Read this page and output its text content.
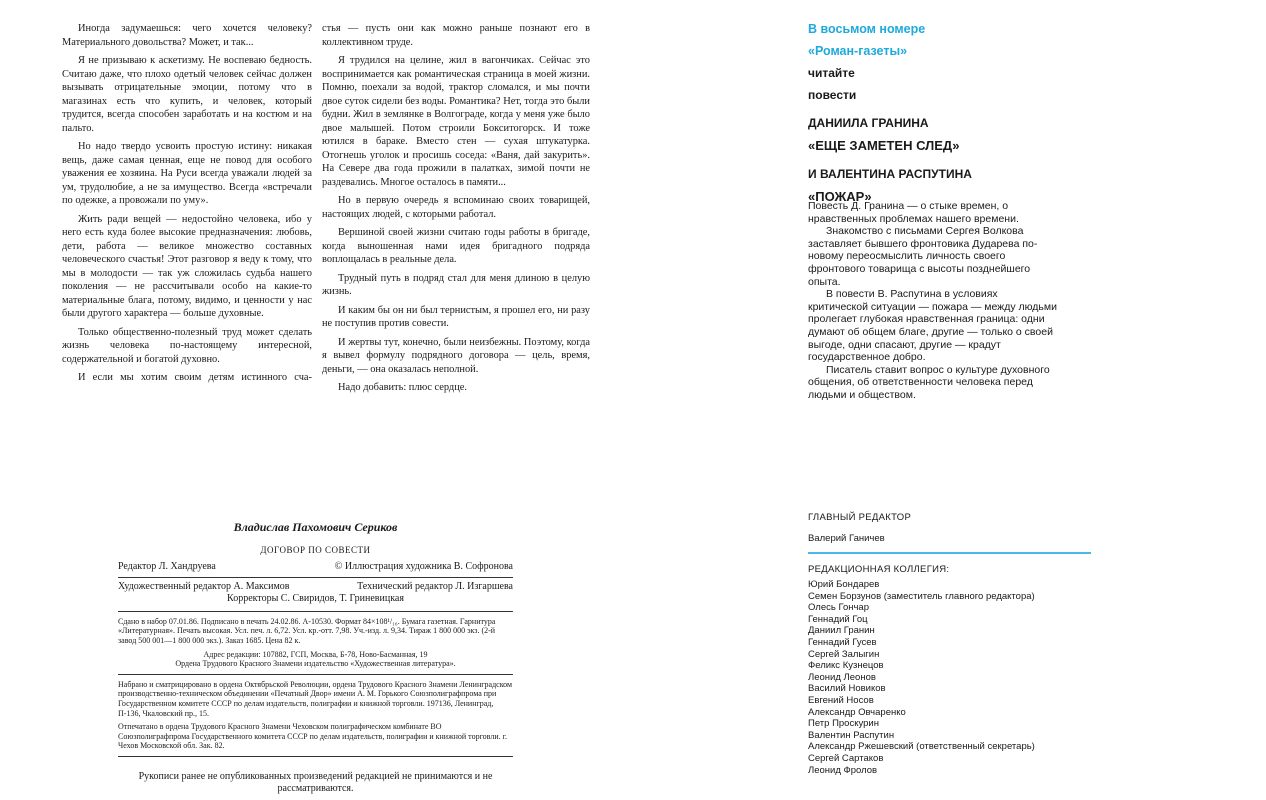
Иногда задумаешься: чего хочется человеку? Материального довольства? Может, и так...

Я не призываю к аскетизму. Не воспеваю бедность. Считаю даже, что плохо одетый человек сейчас должен вызывать отрицательные эмоции, потому что в магазинах есть что купить, и человек, который трудится, всегда способен заработать и на костюм и на пальто.

Но надо твердо усвоить простую истину: никакая вещь, даже самая ценная, еще не повод для особого уважения ее хозяина. На Руси всегда уважали людей за ум, трудолюбие, а не за имущество. Всегда «встречали по одежке, а провожали по уму».

Жить ради вещей — недостойно человека, ибо у него есть куда более высокие предназначения: любовь, дети, работа — великое множество составных человеческого счастья! Этот разговор я веду к тому, что мы в молодости — так уж сложилась судьба нашего поколения — не рассчитывали особо на какие-то материальные блага, потому, видимо, и ценности у нас были другого характера — больше духовные.

Только общественно-полезный труд может сделать жизнь человека по-настоящему интересной, содержательной и богатой духовно.

И если мы хотим своим детям истинного сча-

стья — пусть они как можно раньше познают его в коллективном труде.

Я трудился на целине, жил в вагончиках. Сейчас это воспринимается как романтическая страница в моей жизни. Помню, поехали за водой, трактор сломался, и мы почти двое суток сидели без воды. Романтика? Нет, тогда это были будни. Жил в землянке в Волгограде, когда у меня уже было двое малышей. Потом строили Бокситогорск. И тоже ютился в бараке. Вместо стен — сухая штукатурка. Отогнешь уголок и просишь соседа: «Ваня, дай закурить». На Севере два года прожили в палатках, зимой почти не раздевались. Многое осталось в памяти...

Но в первую очередь я вспоминаю своих товарищей, настоящих людей, с которыми работал.

Вершиной своей жизни считаю годы работы в бригаде, когда выношенная нами идея бригадного подряда воплощалась в реальные дела.

Трудный путь в подряд стал для меня длиною в целую жизнь.

И каким бы он ни был тернистым, я прошел его, ни разу не поступив против совести.

И жертвы тут, конечно, были неизбежны. Поэтому, когда я вывел формулу подрядного договора — цель, время, деньги, — она оказалась неполной.

Надо добавить: плюс сердце.

Владислав Пахомович Сериков
ДОГОВОР ПО СОВЕСТИ
Редактор Л. Хандруева	© Иллюстрация художника В. Софронова
Художественный редактор А. Максимов	Технический редактор Л. Изгаршева
Корректоры С. Свиридов, Т. Гриневицкая
Сдано в набор 07.01.86. Подписано в печать 24.02.86. А-10530. Формат 84×108¹/₁₆. Бумага газетная. Гарнитура «Литературная». Печать высокая. Усл. печ. л. 6,72. Усл. кр.-отт. 7,98. Уч.-изд. л. 9,34. Тираж 1 800 000 экз. (2-й завод 500 001—1 800 000 экз.). Заказ 1685. Цена 82 к.
Адрес редакции: 107882, ГСП, Москва, Б-78, Ново-Басманная, 19
Ордена Трудового Красного Знамени издательство «Художественная литература».
Набрано и сматрицировано в ордена Октябрьской Революции, ордена Трудового Красного Знамени Ленинградском производственно-техническом объединении «Печатный Двор» имени А. М. Горького Союзполиграфпрома при Государственном комитете СССР по делам издательств, полиграфии и книжной торговли. 197136, Ленинград, П-136, Чкаловский пр., 15.
Отпечатано в ордена Трудового Красного Знамени Чеховском полиграфическом комбинате ВО Союзполиграфпрома Государственного комитета СССР по делам издательств, полиграфии и книжной торговли. г. Чехов Московской обл. Зак. 82.
Рукописи ранее не опубликованных произведений редакцией не принимаются и не рассматриваются.
В восьмом номере
«Роман-газеты»
читайте
повести
ДАНИИЛА ГРАНИНА
«ЕЩЕ ЗАМЕТЕН СЛЕД»
И ВАЛЕНТИНА РАСПУТИНА
«ПОЖАР»

Повесть Д. Гранина — о стыке времен, о нравственных проблемах нашего времени.

Знакомство с письмами Сергея Волкова заставляет бывшего фронтовика Дударева по-новому переосмыслить личность своего фронтового товарища с высоты позднейшего опыта.

В повести В. Распутина в условиях критической ситуации — пожара — между людьми пролегает глубокая нравственная граница: одни думают об общем благе, другие — только о своей выгоде, одни спасают, другие — крадут государственное добро.

Писатель ставит вопрос о культуре духовного общения, об ответственности человека перед людьми и обществом.

ГЛАВНЫЙ РЕДАКТОР
Валерий Ганичев
РЕДАКЦИОННАЯ КОЛЛЕГИЯ:
Юрий Бондарев
Семен Борзунов (заместитель главного редактора)
Олесь Гончар
Геннадий Гоц
Даниил Гранин
Геннадий Гусев
Сергей Залыгин
Феликс Кузнецов
Леонид Леонов
Василий Новиков
Евгений Носов
Александр Овчаренко
Петр Проскурин
Валентин Распутин
Александр Ржешевский (ответственный секретарь)
Сергей Сартаков
Леонид Фролов
